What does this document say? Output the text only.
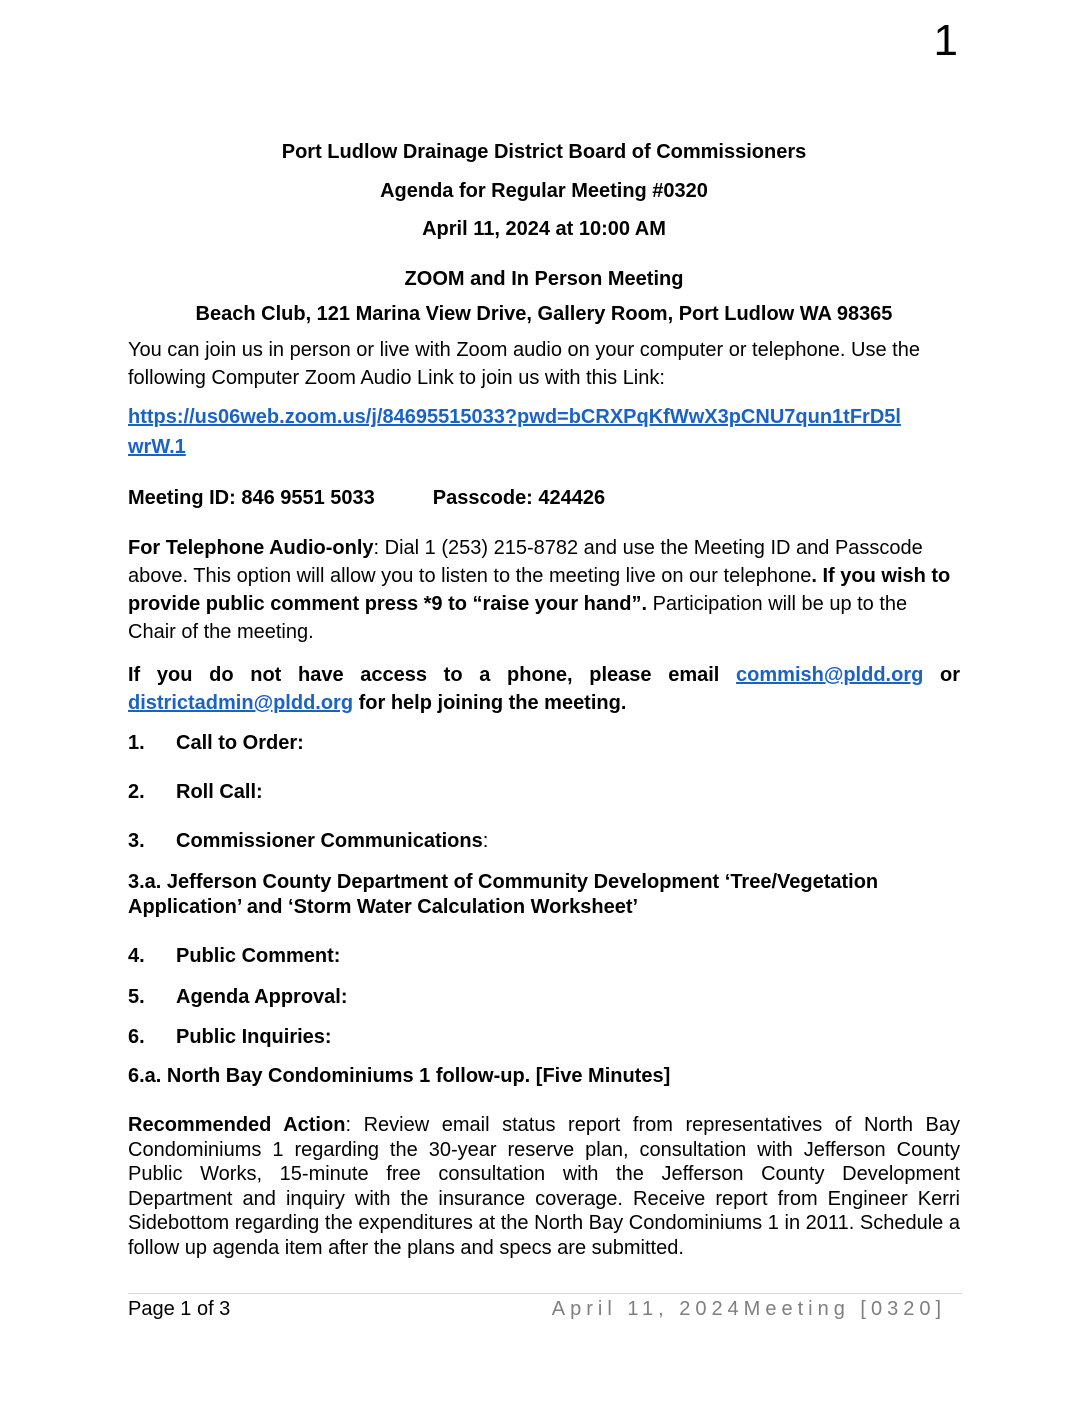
1
Port Ludlow Drainage District Board of Commissioners
Agenda for Regular Meeting #0320
April 11, 2024 at 10:00 AM
ZOOM and In Person Meeting
Beach Club, 121 Marina View Drive, Gallery Room, Port Ludlow WA 98365
You can join us in person or live with Zoom audio on your computer or telephone. Use the following Computer Zoom Audio Link to join us with this Link:
https://us06web.zoom.us/j/84695515033?pwd=bCRXPqKfWwX3pCNU7qun1tFrD5l
wrW.1
Meeting ID: 846 9551 5033	Passcode: 424426
For Telephone Audio-only: Dial 1 (253) 215-8782 and use the Meeting ID and Passcode above. This option will allow you to listen to the meeting live on our telephone. If you wish to provide public comment press *9 to “raise your hand”. Participation will be up to the Chair of the meeting.
If you do not have access to a phone, please email commish@pldd.org or districtadmin@pldd.org for help joining the meeting.
1. Call to Order:
2. Roll Call:
3. Commissioner Communications:
3.a. Jefferson County Department of Community Development ‘Tree/Vegetation
Application’ and ‘Storm Water Calculation Worksheet’
4. Public Comment:
5. Agenda Approval:
6. Public Inquiries:
6.a. North Bay Condominiums 1 follow-up. [Five Minutes]
Recommended Action: Review email status report from representatives of North Bay Condominiums 1 regarding the 30-year reserve plan, consultation with Jefferson County Public Works, 15-minute free consultation with the Jefferson County Development Department and inquiry with the insurance coverage. Receive report from Engineer Kerri Sidebottom regarding the expenditures at the North Bay Condominiums 1 in 2011. Schedule a follow up agenda item after the plans and specs are submitted.
Page 1 of 3	April 11, 2024Meeting [0320]
